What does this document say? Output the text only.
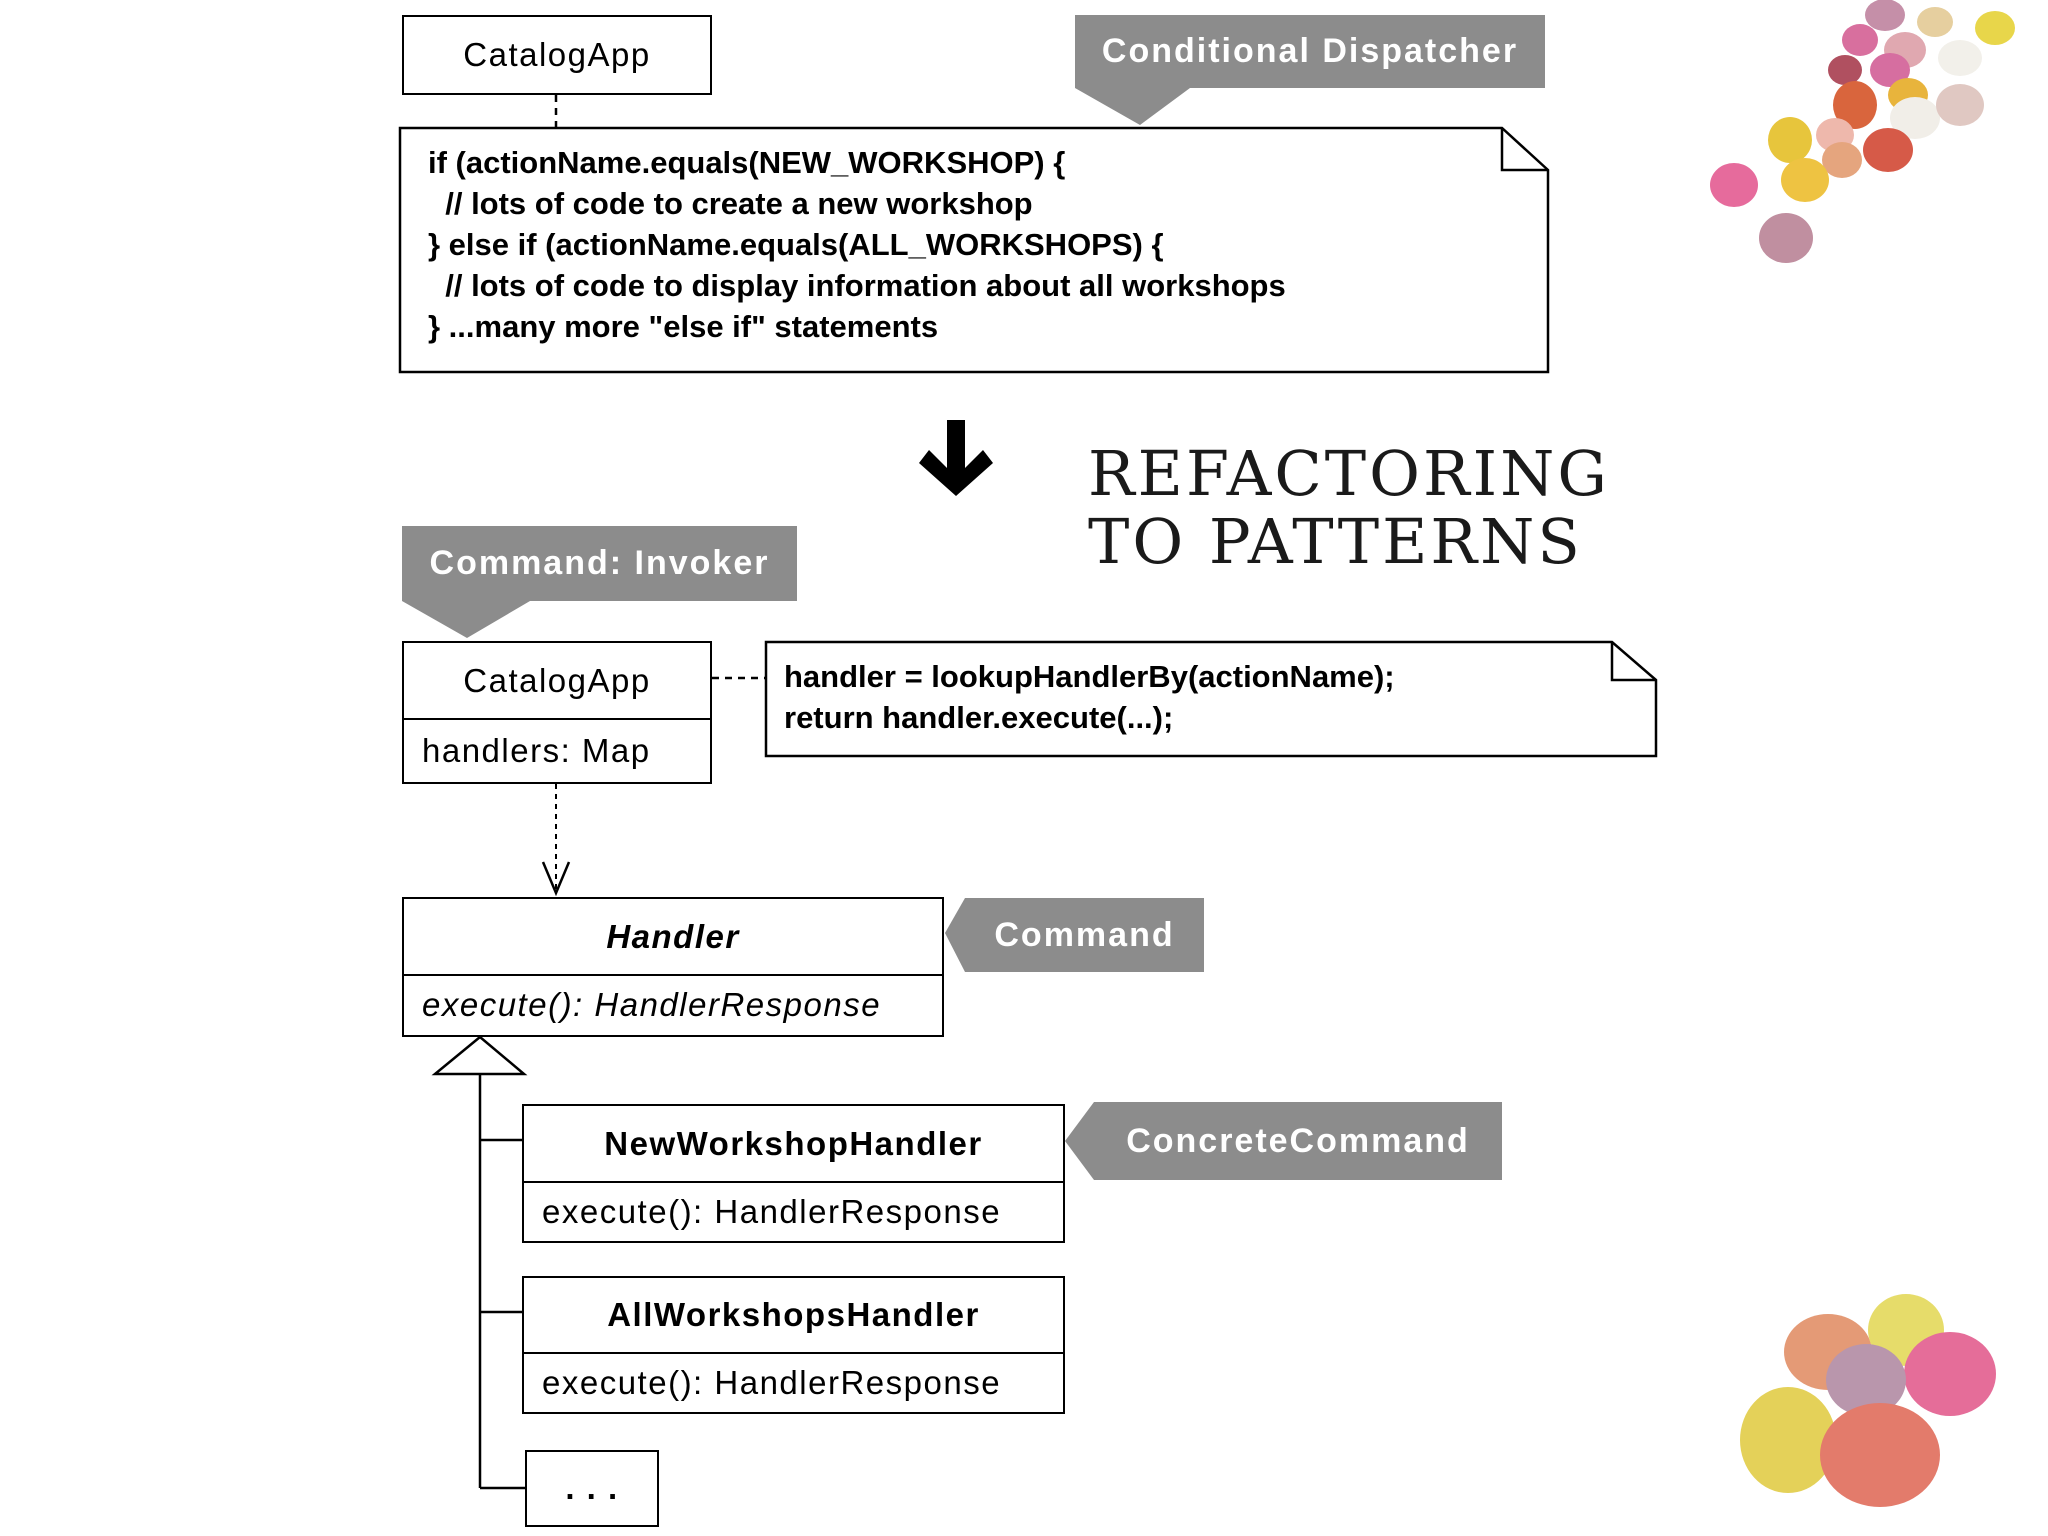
REFACTORING
TO PATTERNS
Conditional Dispatcher
Command: Invoker
Command
ConcreteCommand
CatalogApp
if (actionName.equals(NEW_WORKSHOP) {
// lots of code to create a new workshop
} else if (actionName.equals(ALL_WORKSHOPS) {
// lots of code to display information about all workshops
} ...many more "else if" statements
CatalogApp
handlers: Map
handler = lookupHandlerBy(actionName);
return handler.execute(...);
Handler
execute(): HandlerResponse
NewWorkshopHandler
execute(): HandlerResponse
AllWorkshopsHandler
execute(): HandlerResponse
. . .
